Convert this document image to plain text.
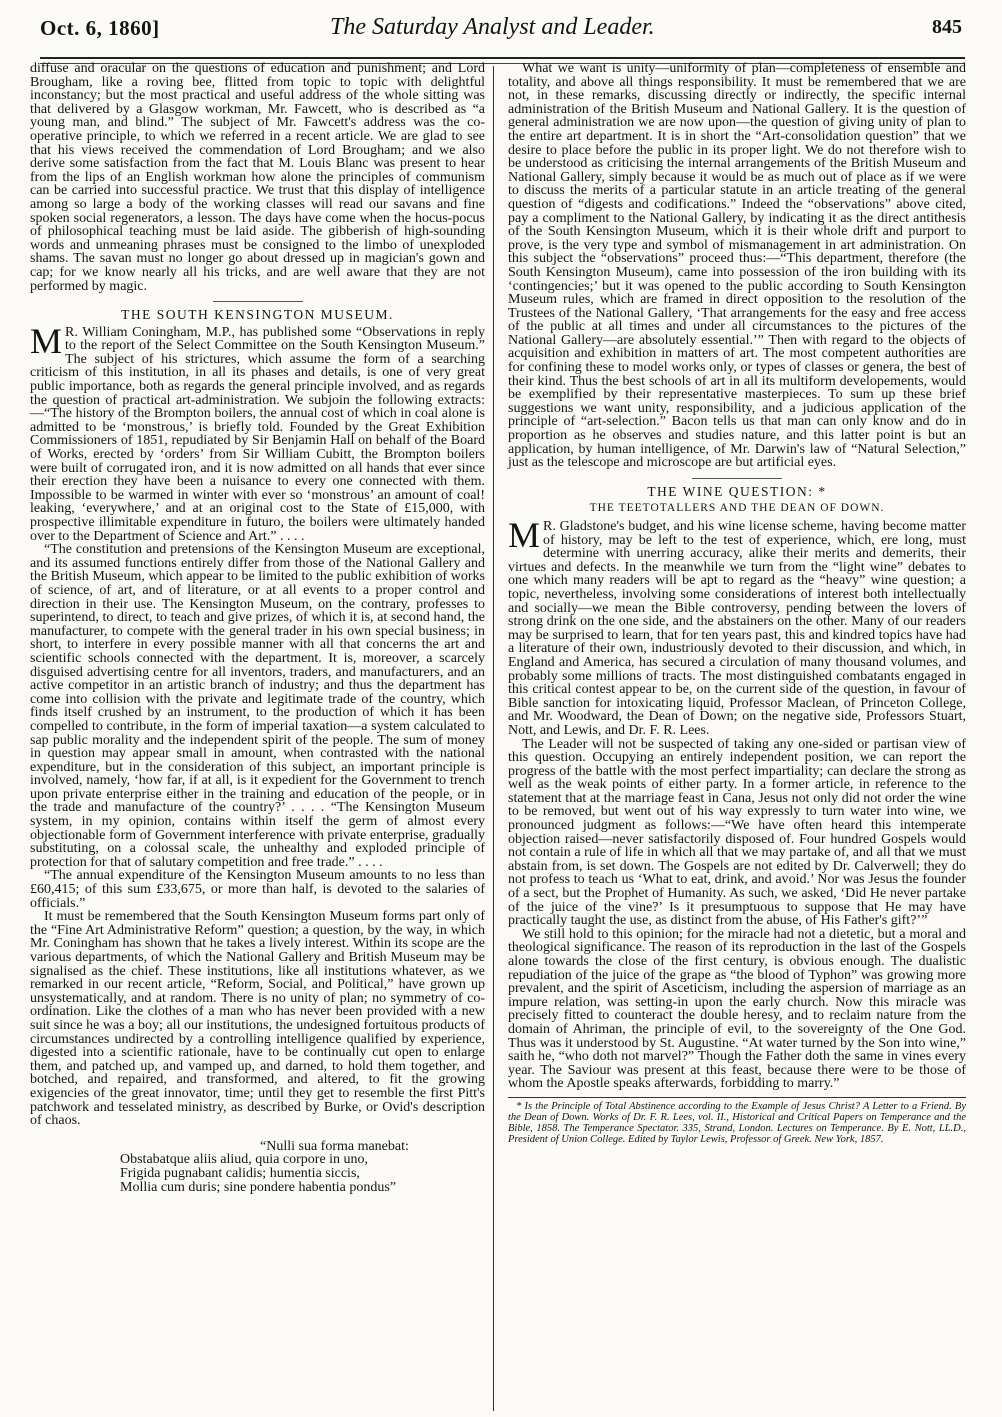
Oct. 6, 1860]	The Saturday Analyst and Leader.	845

diffuse and oracular on the questions of education and punishment; and Lord Brougham, like a roving bee, flitted from topic to topic with delightful inconstancy; but the most practical and useful address of the whole sitting was that delivered by a Glasgow workman, Mr. Fawcett, who is described as “a young man, and blind.” The subject of Mr. Fawcett's address was the co-operative principle, to which we referred in a recent article. We are glad to see that his views received the commendation of Lord Brougham; and we also derive some satisfaction from the fact that M. Louis Blanc was present to hear from the lips of an English workman how alone the principles of communism can be carried into successful practice. We trust that this display of intelligence among so large a body of the working classes will read our savans and fine spoken social regenerators, a lesson. The days have come when the hocus-pocus of philosophical teaching must be laid aside. The gibberish of high-sounding words and unmeaning phrases must be consigned to the limbo of unexploded shams. The savan must no longer go about dressed up in magician's gown and cap; for we know nearly all his tricks, and are well aware that they are not performed by magic.

THE SOUTH KENSINGTON MUSEUM.

M R. William Coningham, M.P., has published some “Observations in reply to the report of the Select Committee on the South Kensington Museum.” The subject of his strictures, which assume the form of a searching criticism of this institution, in all its phases and details, is one of very great public importance, both as regards the general principle involved, and as regards the question of practical art-administration. We subjoin the following extracts:—“The history of the Brompton boilers, the annual cost of which in coal alone is admitted to be ‘monstrous,’ is briefly told. Founded by the Great Exhibition Commissioners of 1851, repudiated by Sir Benjamin Hall on behalf of the Board of Works, erected by ‘orders’ from Sir William Cubitt, the Brompton boilers were built of corrugated iron, and it is now admitted on all hands that ever since their erection they have been a nuisance to every one connected with them. Impossible to be warmed in winter with ever so ‘monstrous’ an amount of coal! leaking, ‘everywhere,’ and at an original cost to the State of £15,000, with prospective illimitable expenditure in futuro, the boilers were ultimately handed over to the Department of Science and Art.” . . . .

“The constitution and pretensions of the Kensington Museum are exceptional, and its assumed functions entirely differ from those of the National Gallery and the British Museum, which appear to be limited to the public exhibition of works of science, of art, and of literature, or at all events to a proper control and direction in their use. The Kensington Museum, on the contrary, professes to superintend, to direct, to teach and give prizes, of which it is, at second hand, the manufacturer, to compete with the general trader in his own special business; in short, to interfere in every possible manner with all that concerns the art and scientific schools connected with the department. It is, moreover, a scarcely disguised advertising centre for all inventors, traders, and manufacturers, and an active competitor in an artistic branch of industry; and thus the department has come into collision with the private and legitimate trade of the country, which finds itself crushed by an instrument, to the production of which it has been compelled to contribute, in the form of imperial taxation—a system calculated to sap public morality and the independent spirit of the people. The sum of money in question may appear small in amount, when contrasted with the national expenditure, but in the consideration of this subject, an important principle is involved, namely, ‘how far, if at all, is it expedient for the Government to trench upon private enterprise either in the training and education of the people, or in the trade and manufacture of the country?’ . . . . “The Kensington Museum system, in my opinion, contains within itself the germ of almost every objectionable form of Government interference with private enterprise, gradually substituting, on a colossal scale, the unhealthy and exploded principle of protection for that of salutary competition and free trade.” . . . .

“The annual expenditure of the Kensington Museum amounts to no less than £60,415; of this sum £33,675, or more than half, is devoted to the salaries of officials.”

It must be remembered that the South Kensington Museum forms part only of the “Fine Art Administrative Reform” question; a question, by the way, in which Mr. Coningham has shown that he takes a lively interest. Within its scope are the various departments, of which the National Gallery and British Museum may be signalised as the chief. These institutions, like all institutions whatever, as we remarked in our recent article, “Reform, Social, and Political,” have grown up unsystematically, and at random. There is no unity of plan; no symmetry of co-ordination. Like the clothes of a man who has never been provided with a new suit since he was a boy; all our institutions, the undesigned fortuitous products of circumstances undirected by a controlling intelligence qualified by experience, digested into a scientific rationale, have to be continually cut open to enlarge them, and patched up, and vamped up, and darned, to hold them together, and botched, and repaired, and transformed, and altered, to fit the growing exigencies of the great innovator, time; until they get to resemble the first Pitt's patchwork and tesselated ministry, as described by Burke, or Ovid's description of chaos.

“Nulli sua forma manebat:
Obstabatque aliis aliud, quia corpore in uno,
Frigida pugnabant calidis; humentia siccis,
Mollia cum duris; sine pondere habentia pondus”

What we want is unity—uniformity of plan—completeness of ensemble and totality, and above all things responsibility. It must be remembered that we are not, in these remarks, discussing directly or indirectly, the specific internal administration of the British Museum and National Gallery. It is the question of general administration we are now upon—the question of giving unity of plan to the entire art department. It is in short the “Art-consolidation question” that we desire to place before the public in its proper light. We do not therefore wish to be understood as criticising the internal arrangements of the British Museum and National Gallery, simply because it would be as much out of place as if we were to discuss the merits of a particular statute in an article treating of the general question of “digests and codifications.” Indeed the “observations” above cited, pay a compliment to the National Gallery, by indicating it as the direct antithesis of the South Kensington Museum, which it is their whole drift and purport to prove, is the very type and symbol of mismanagement in art administration. On this subject the “observations” proceed thus:—“This department, therefore (the South Kensington Museum), came into possession of the iron building with its ‘contingencies;’ but it was opened to the public according to South Kensington Museum rules, which are framed in direct opposition to the resolution of the Trustees of the National Gallery, ‘That arrangements for the easy and free access of the public at all times and under all circumstances to the pictures of the National Gallery—are absolutely essential.’” Then with regard to the objects of acquisition and exhibition in matters of art. The most competent authorities are for confining these to model works only, or types of classes or genera, the best of their kind. Thus the best schools of art in all its multiform developements, would be exemplified by their representative masterpieces. To sum up these brief suggestions we want unity, responsibility, and a judicious application of the principle of “art-selection.” Bacon tells us that man can only know and do in proportion as he observes and studies nature, and this latter point is but an application, by human intelligence, of Mr. Darwin's law of “Natural Selection,” just as the telescope and microscope are but artificial eyes.

THE WINE QUESTION: *
THE TEETOTALLERS AND THE DEAN OF DOWN.

M R. Gladstone's budget, and his wine license scheme, having become matter of history, may be left to the test of experience, which, ere long, must determine with unerring accuracy, alike their merits and demerits, their virtues and defects. In the meanwhile we turn from the “light wine” debates to one which many readers will be apt to regard as the “heavy” wine question; a topic, nevertheless, involving some considerations of interest both intellectually and socially—we mean the Bible controversy, pending between the lovers of strong drink on the one side, and the abstainers on the other. Many of our readers may be surprised to learn, that for ten years past, this and kindred topics have had a literature of their own, industriously devoted to their discussion, and which, in England and America, has secured a circulation of many thousand volumes, and probably some millions of tracts. The most distinguished combatants engaged in this critical contest appear to be, on the current side of the question, in favour of Bible sanction for intoxicating liquid, Professor Maclean, of Princeton College, and Mr. Woodward, the Dean of Down; on the negative side, Professors Stuart, Nott, and Lewis, and Dr. F. R. Lees.

The Leader will not be suspected of taking any one-sided or partisan view of this question. Occupying an entirely independent position, we can report the progress of the battle with the most perfect impartiality; can declare the strong as well as the weak points of either party. In a former article, in reference to the statement that at the marriage feast in Cana, Jesus not only did not order the wine to be removed, but went out of his way expressly to turn water into wine, we pronounced judgment as follows:—“We have often heard this intemperate objection raised—never satisfactorily disposed of. Four hundred Gospels would not contain a rule of life in which all that we may partake of, and all that we must abstain from, is set down. The Gospels are not edited by Dr. Calverwell; they do not profess to teach us ‘What to eat, drink, and avoid.’ Nor was Jesus the founder of a sect, but the Prophet of Humanity. As such, we asked, ‘Did He never partake of the juice of the vine?’ Is it presumptuous to suppose that He may have practically taught the use, as distinct from the abuse, of His Father's gift?’”

We still hold to this opinion; for the miracle had not a dietetic, but a moral and theological significance. The reason of its reproduction in the last of the Gospels alone towards the close of the first century, is obvious enough. The dualistic repudiation of the juice of the grape as “the blood of Typhon” was growing more prevalent, and the spirit of Asceticism, including the aspersion of marriage as an impure relation, was setting-in upon the early church. Now this miracle was precisely fitted to counteract the double heresy, and to reclaim nature from the domain of Ahriman, the principle of evil, to the sovereignty of the One God. Thus was it understood by St. Augustine. “At water turned by the Son into wine,” saith he, “who doth not marvel?” Though the Father doth the same in vines every year. The Saviour was present at this feast, because there were to be those of whom the Apostle speaks afterwards, forbidding to marry.”

* Is the Principle of Total Abstinence according to the Example of Jesus Christ? A Letter to a Friend. By the Dean of Down. Works of Dr. F. R. Lees, vol. II., Historical and Critical Papers on Temperance and the Bible, 1858. The Temperance Spectator. 335, Strand, London. Lectures on Temperance. By E. Nott, LL.D., President of Union College. Edited by Taylor Lewis, Professor of Greek. New York, 1857.
